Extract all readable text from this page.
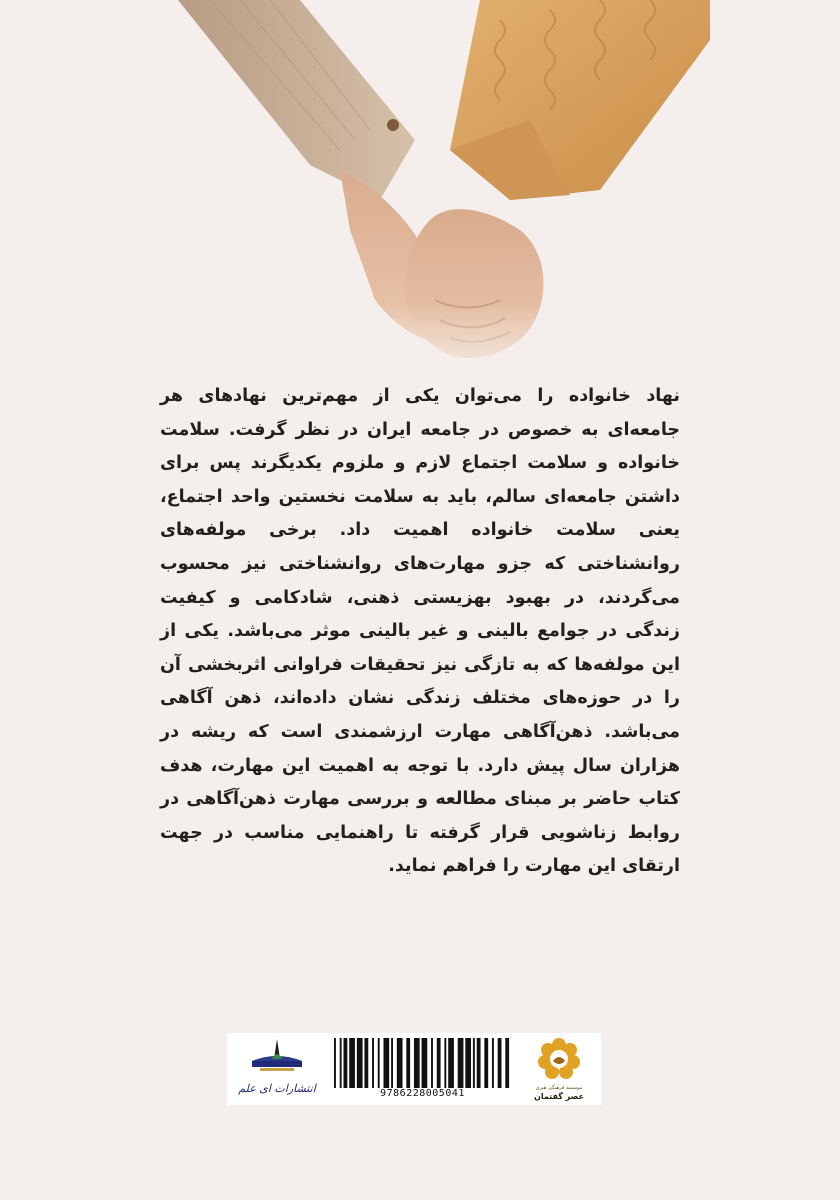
نهاد خانواده را می‌توان یکی از مهم‌ترین نهادهای هر جامعه‌ای به خصوص در جامعه ایران در نظر گرفت. سلامت خانواده و سلامت اجتماع لازم و ملزوم یکدیگرند پس برای داشتن جامعه‌ای سالم، باید به سلامت نخستین واحد اجتماع، یعنی سلامت خانواده اهمیت داد. برخی مولفه‌های روانشناختی که جزو مهارت‌های روانشناختی نیز محسوب می‌گردند، در بهبود بهزیستی ذهنی، شادکامی و کیفیت زندگی در جوامع بالینی و غیر بالینی موثر می‌باشد. یکی از این مولفه‌ها که به تازگی نیز تحقیقات فراوانی اثربخشی آن را در حوزه‌های مختلف زندگی نشان داده‌اند، ذهن آگاهی می‌باشد. ذهن‌آگاهی مهارت ارزشمندی است که ریشه در هزاران سال پیش دارد. با توجه به اهمیت این مهارت، هدف کتاب حاضر بر مبنای مطالعه و بررسی مهارت ذهن‌آگاهی در روابط زناشویی قرار گرفته تا راهنمایی مناسب در جهت ارتقای این مهارت را فراهم نماید.

انتشارات ای علم	9786228005041	موسسه فرهنگی هنری
عصر گفتمان
